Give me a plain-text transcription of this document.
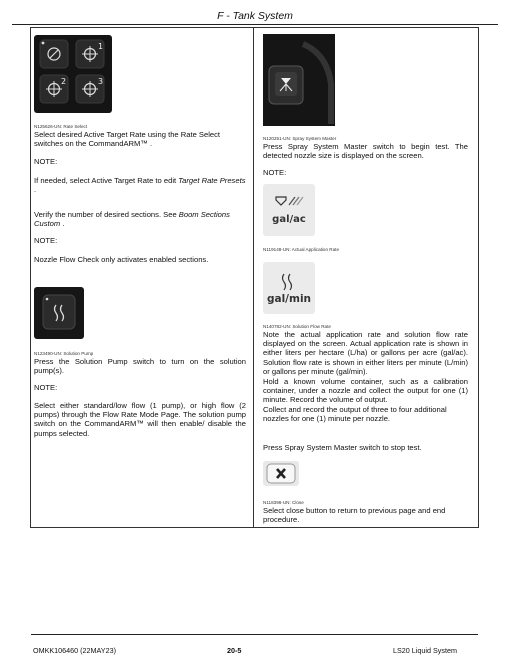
F - Tank System
1
2	3
N125626-UN: Rate Select

Select desired Active Target Rate using the Rate Select switches on the CommandARM™ .

NOTE:

If needed, select Active Target Rate to edit Target Rate Presets .

Verify the number of desired sections. See Boom Sections Custom .

NOTE:

Nozzle Flow Check only activates enabled sections.

N123490-UN: Solution Pump

Press the Solution Pump switch to turn on the solution pump(s).

NOTE:

Select either standard/low flow (1 pump), or high flow (2 pumps) through the Flow Rate Mode Page. The solution pump switch on the CommandARM™ will then enable/ disable the pumps selected.

N120251-UN: Spray System Master

Press Spray System Master switch to begin test. The detected nozzle size is displayed on the screen.

NOTE:
gal/ac
N119148-UN: Actual Application Rate
gal/min
N140782-UN: Solution Flow Rate

Note the actual application rate and solution flow rate displayed on the screen. Actual application rate is shown in either liters per hectare (L/ha) or gallons per acre (gal/ac). Solution flow rate is shown in either liters per minute (L/min) or gallons per minute (gal/min).

Hold a known volume container, such as a calibration container, under a nozzle and collect the output for one (1) minute. Record the volume of output.

Collect and record the output of three to four additional nozzles for one (1) minute per nozzle.

Press Spray System Master switch to stop test.

N118396-UN: Close

Select close button to return to previous page and end procedure.

OMKK106460 (22MAY23)	20-5	LS20 Liquid System
